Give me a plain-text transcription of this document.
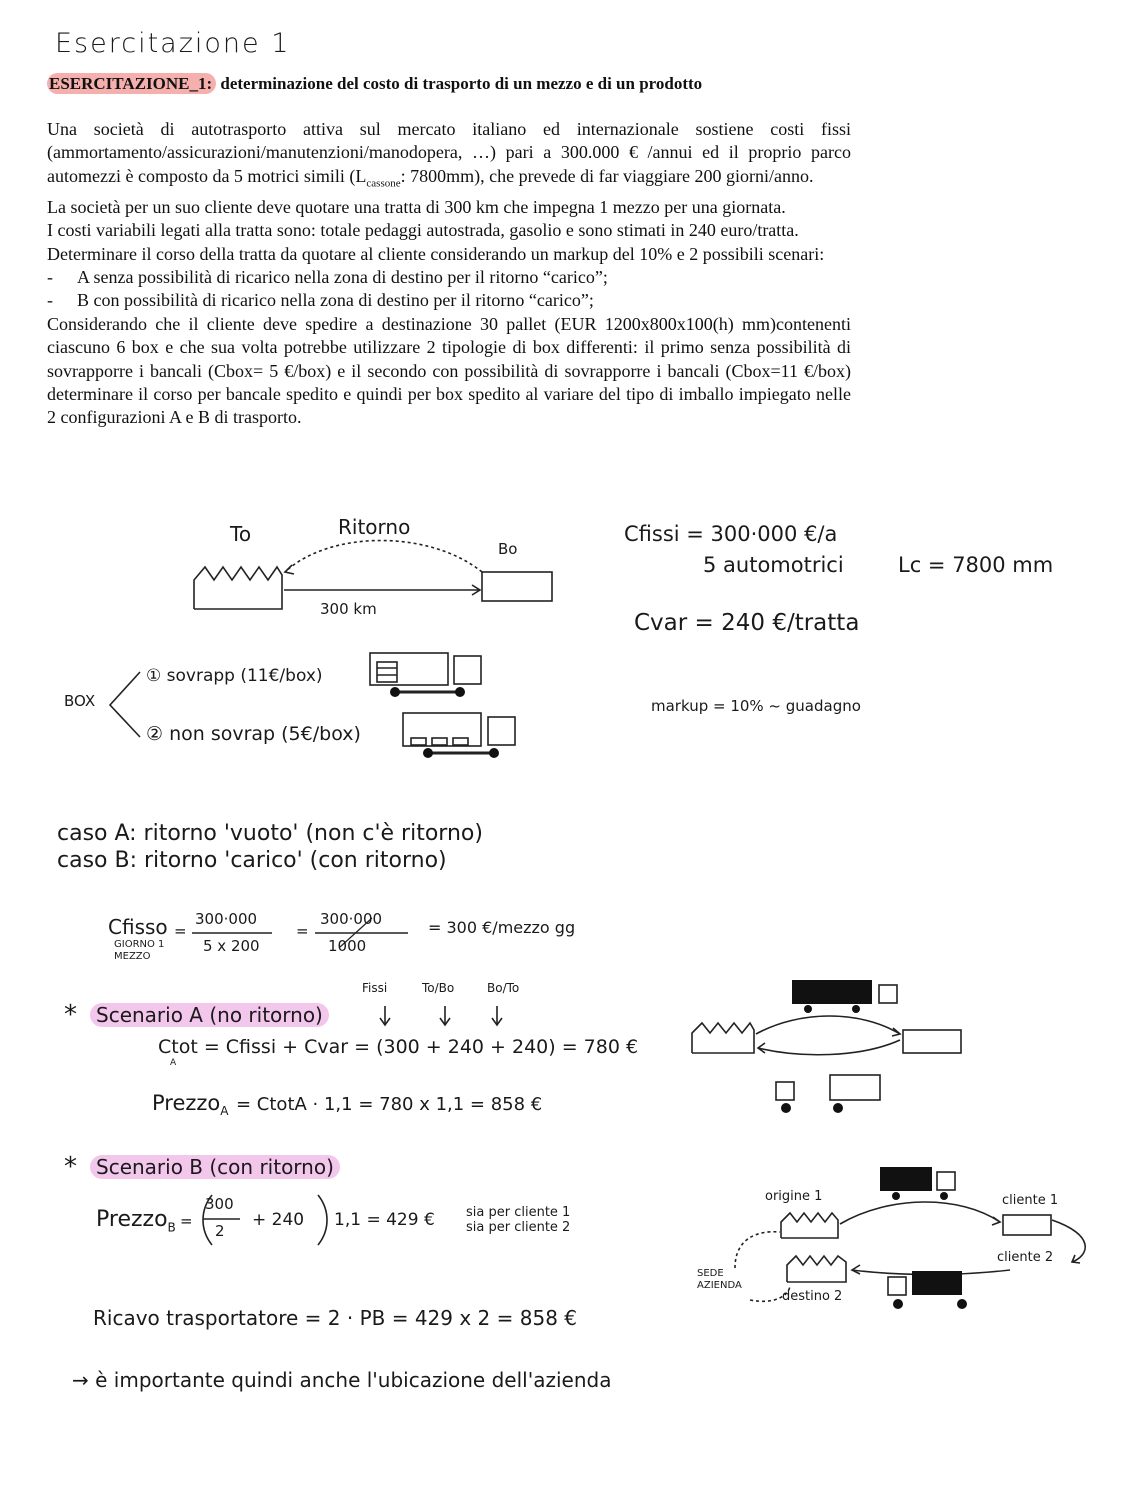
Esercitazione 1
ESERCITAZIONE_1: determinazione del costo di trasporto di un mezzo e di un prodotto

Una società di autotrasporto attiva sul mercato italiano ed internazionale sostiene costi fissi (ammortamento/assicurazioni/manutenzioni/manodopera, …) pari a 300.000 € /annui ed il proprio parco automezzi è composto da 5 motrici simili ($L_{cassone}$: 7800mm), che prevede di far viaggiare 200 giorni/anno.

La società per un suo cliente deve quotare una tratta di 300 km che impegna 1 mezzo per una giornata.

I costi variabili legati alla tratta sono: totale pedaggi autostrada, gasolio e sono stimati in 240 euro/tratta.

Determinare il corso della tratta da quotare al cliente considerando un markup del 10% e 2 possibili scenari:

- A senza possibilità di ricarico nella zona di destino per il ritorno “carico”;
- B con possibilità di ricarico nella zona di destino per il ritorno “carico”;

Considerando che il cliente deve spedire a destinazione 30 pallet (EUR 1200x800x100(h) mm)contenenti ciascuno 6 box e che sua volta potrebbe utilizzare 2 tipologie di box differenti: il primo senza possibilità di sovrapporre i bancali (Cbox= 5 €/box) e il secondo con possibilità di sovrapporre i bancali (Cbox=11 €/box) determinare il corso per bancale spedito e quindi per box spedito al variare del tipo di imballo impiegato nelle 2 configurazioni A e B di trasporto.

To	Ritorno
Bo
300 km
Cfissi = 300·000 €/a
5 automotrici	Lc = 7800 mm
Cvar = 240 €/tratta
markup = 10% ~ guadagno
BOX
① sovrapp (11€/box)
② non sovrap (5€/box)
caso A: ritorno 'vuoto' (non c'è ritorno)
caso B: ritorno 'carico' (con ritorno)
Cfisso
GIORNO 1 MEZZO
=
300·000
5 x 200
=
300·000
1000
= 300 €/mezzo gg
Fissi	To/Bo	Bo/To
* Scenario A (no ritorno)
Ctot = Cfissi + Cvar = (300 + 240 + 240) = 780 €
A
Prezzo$_A$ = CtotA · 1,1 = 780 x 1,1 = 858 €
* Scenario B (con ritorno)
Prezzo$_B$ =
300
2
+ 240 1,1 = 429 € sia per cliente 1
sia per cliente 2
origine 1	cliente 1
cliente 2
SEDE AZIENDA
destino 2
Ricavo trasportatore = 2 · PB = 429 x 2 = 858 €
→ è importante quindi anche l'ubicazione dell'azienda
